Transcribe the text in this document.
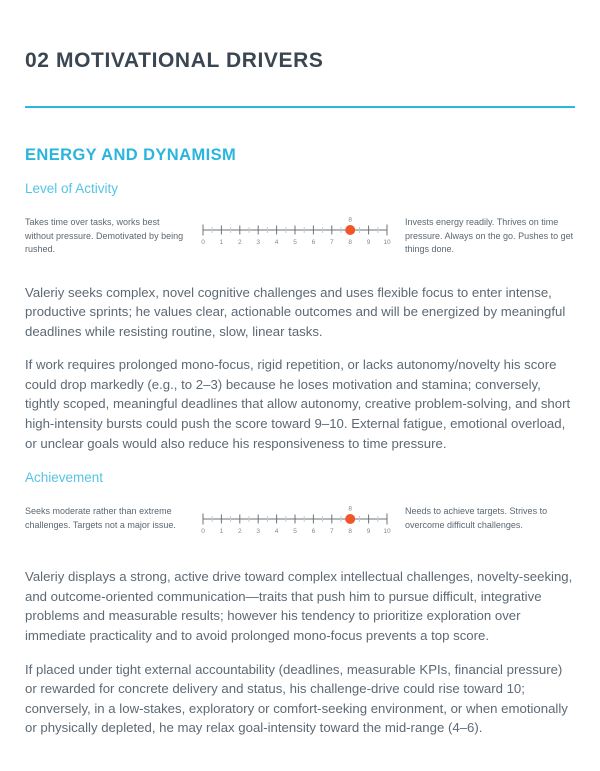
02 MOTIVATIONAL DRIVERS
ENERGY AND DYNAMISM
Level of Activity

Takes time over tasks, works best without pressure. Demotivated by being rushed.

0 1 2 3 4 5 6 7 8 9 10
8	Invests energy readily. Thrives on time pressure. Always on the go. Pushes to get things done.

Valeriy seeks complex, novel cognitive challenges and uses flexible focus to enter intense, productive sprints; he values clear, actionable outcomes and will be energized by meaningful deadlines while resisting routine, slow, linear tasks.

If work requires prolonged mono-focus, rigid repetition, or lacks autonomy/novelty his score could drop markedly (e.g., to 2–3) because he loses motivation and stamina; conversely, tightly scoped, meaningful deadlines that allow autonomy, creative problem-solving, and short high-intensity bursts could push the score toward 9–10. External fatigue, emotional overload, or unclear goals would also reduce his responsiveness to time pressure.

Achievement

Seeks moderate rather than extreme challenges. Targets not a major issue.

0 1 2 3 4 5 6 7 8 9 10
8	Needs to achieve targets. Strives to overcome difficult challenges.

Valeriy displays a strong, active drive toward complex intellectual challenges, novelty-seeking, and outcome-oriented communication—traits that push him to pursue difficult, integrative problems and measurable results; however his tendency to prioritize exploration over immediate practicality and to avoid prolonged mono-focus prevents a top score.

If placed under tight external accountability (deadlines, measurable KPIs, financial pressure) or rewarded for concrete delivery and status, his challenge-drive could rise toward 10; conversely, in a low-stakes, exploratory or comfort-seeking environment, or when emotionally or physically depleted, he may relax goal-intensity toward the mid-range (4–6).
